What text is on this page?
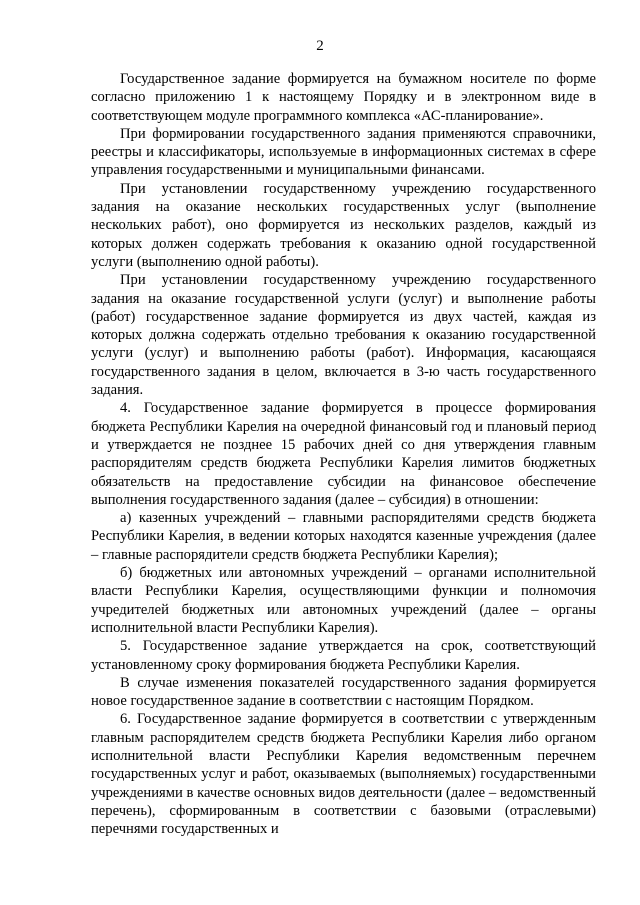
2

Государственное задание формируется на бумажном носителе по форме согласно приложению 1 к настоящему Порядку и в электронном виде в соответствующем модуле программного комплекса «АС-планирование».

При формировании государственного задания применяются справочники, реестры и классификаторы, используемые в информационных системах в сфере управления государственными и муниципальными финансами.

При установлении государственному учреждению государственного задания на оказание нескольких государственных услуг (выполнение нескольких работ), оно формируется из нескольких разделов, каждый из которых должен содержать требования к оказанию одной государственной услуги (выполнению одной работы).

При установлении государственному учреждению государственного задания на оказание государственной услуги (услуг) и выполнение работы (работ) государственное задание формируется из двух частей, каждая из которых должна содержать отдельно требования к оказанию государственной услуги (услуг) и выполнению работы (работ). Информация, касающаяся государственного задания в целом, включается в 3-ю часть государственного задания.

4. Государственное задание формируется в процессе формирования бюджета Республики Карелия на очередной финансовый год и плановый период и утверждается не позднее 15 рабочих дней со дня утверждения главным распорядителям средств бюджета Республики Карелия лимитов бюджетных обязательств на предоставление субсидии на финансовое обеспечение выполнения государственного задания (далее – субсидия) в отношении:

а) казенных учреждений – главными распорядителями средств бюджета Республики Карелия, в ведении которых находятся казенные учреждения (далее – главные распорядители средств бюджета Республики Карелия);

б) бюджетных или автономных учреждений – органами исполнительной власти Республики Карелия, осуществляющими функции и полномочия учредителей бюджетных или автономных учреждений (далее – органы исполнительной власти Республики Карелия).

5. Государственное задание утверждается на срок, соответствующий установленному сроку формирования бюджета Республики Карелия.

В случае изменения показателей государственного задания формируется новое государственное задание в соответствии с настоящим Порядком.

6. Государственное задание формируется в соответствии с утвержденным главным распорядителем средств бюджета Республики Карелия либо органом исполнительной власти Республики Карелия ведомственным перечнем государственных услуг и работ, оказываемых (выполняемых) государственными учреждениями в качестве основных видов деятельности (далее – ведомственный перечень), сформированным в соответствии с базовыми (отраслевыми) перечнями государственных и
